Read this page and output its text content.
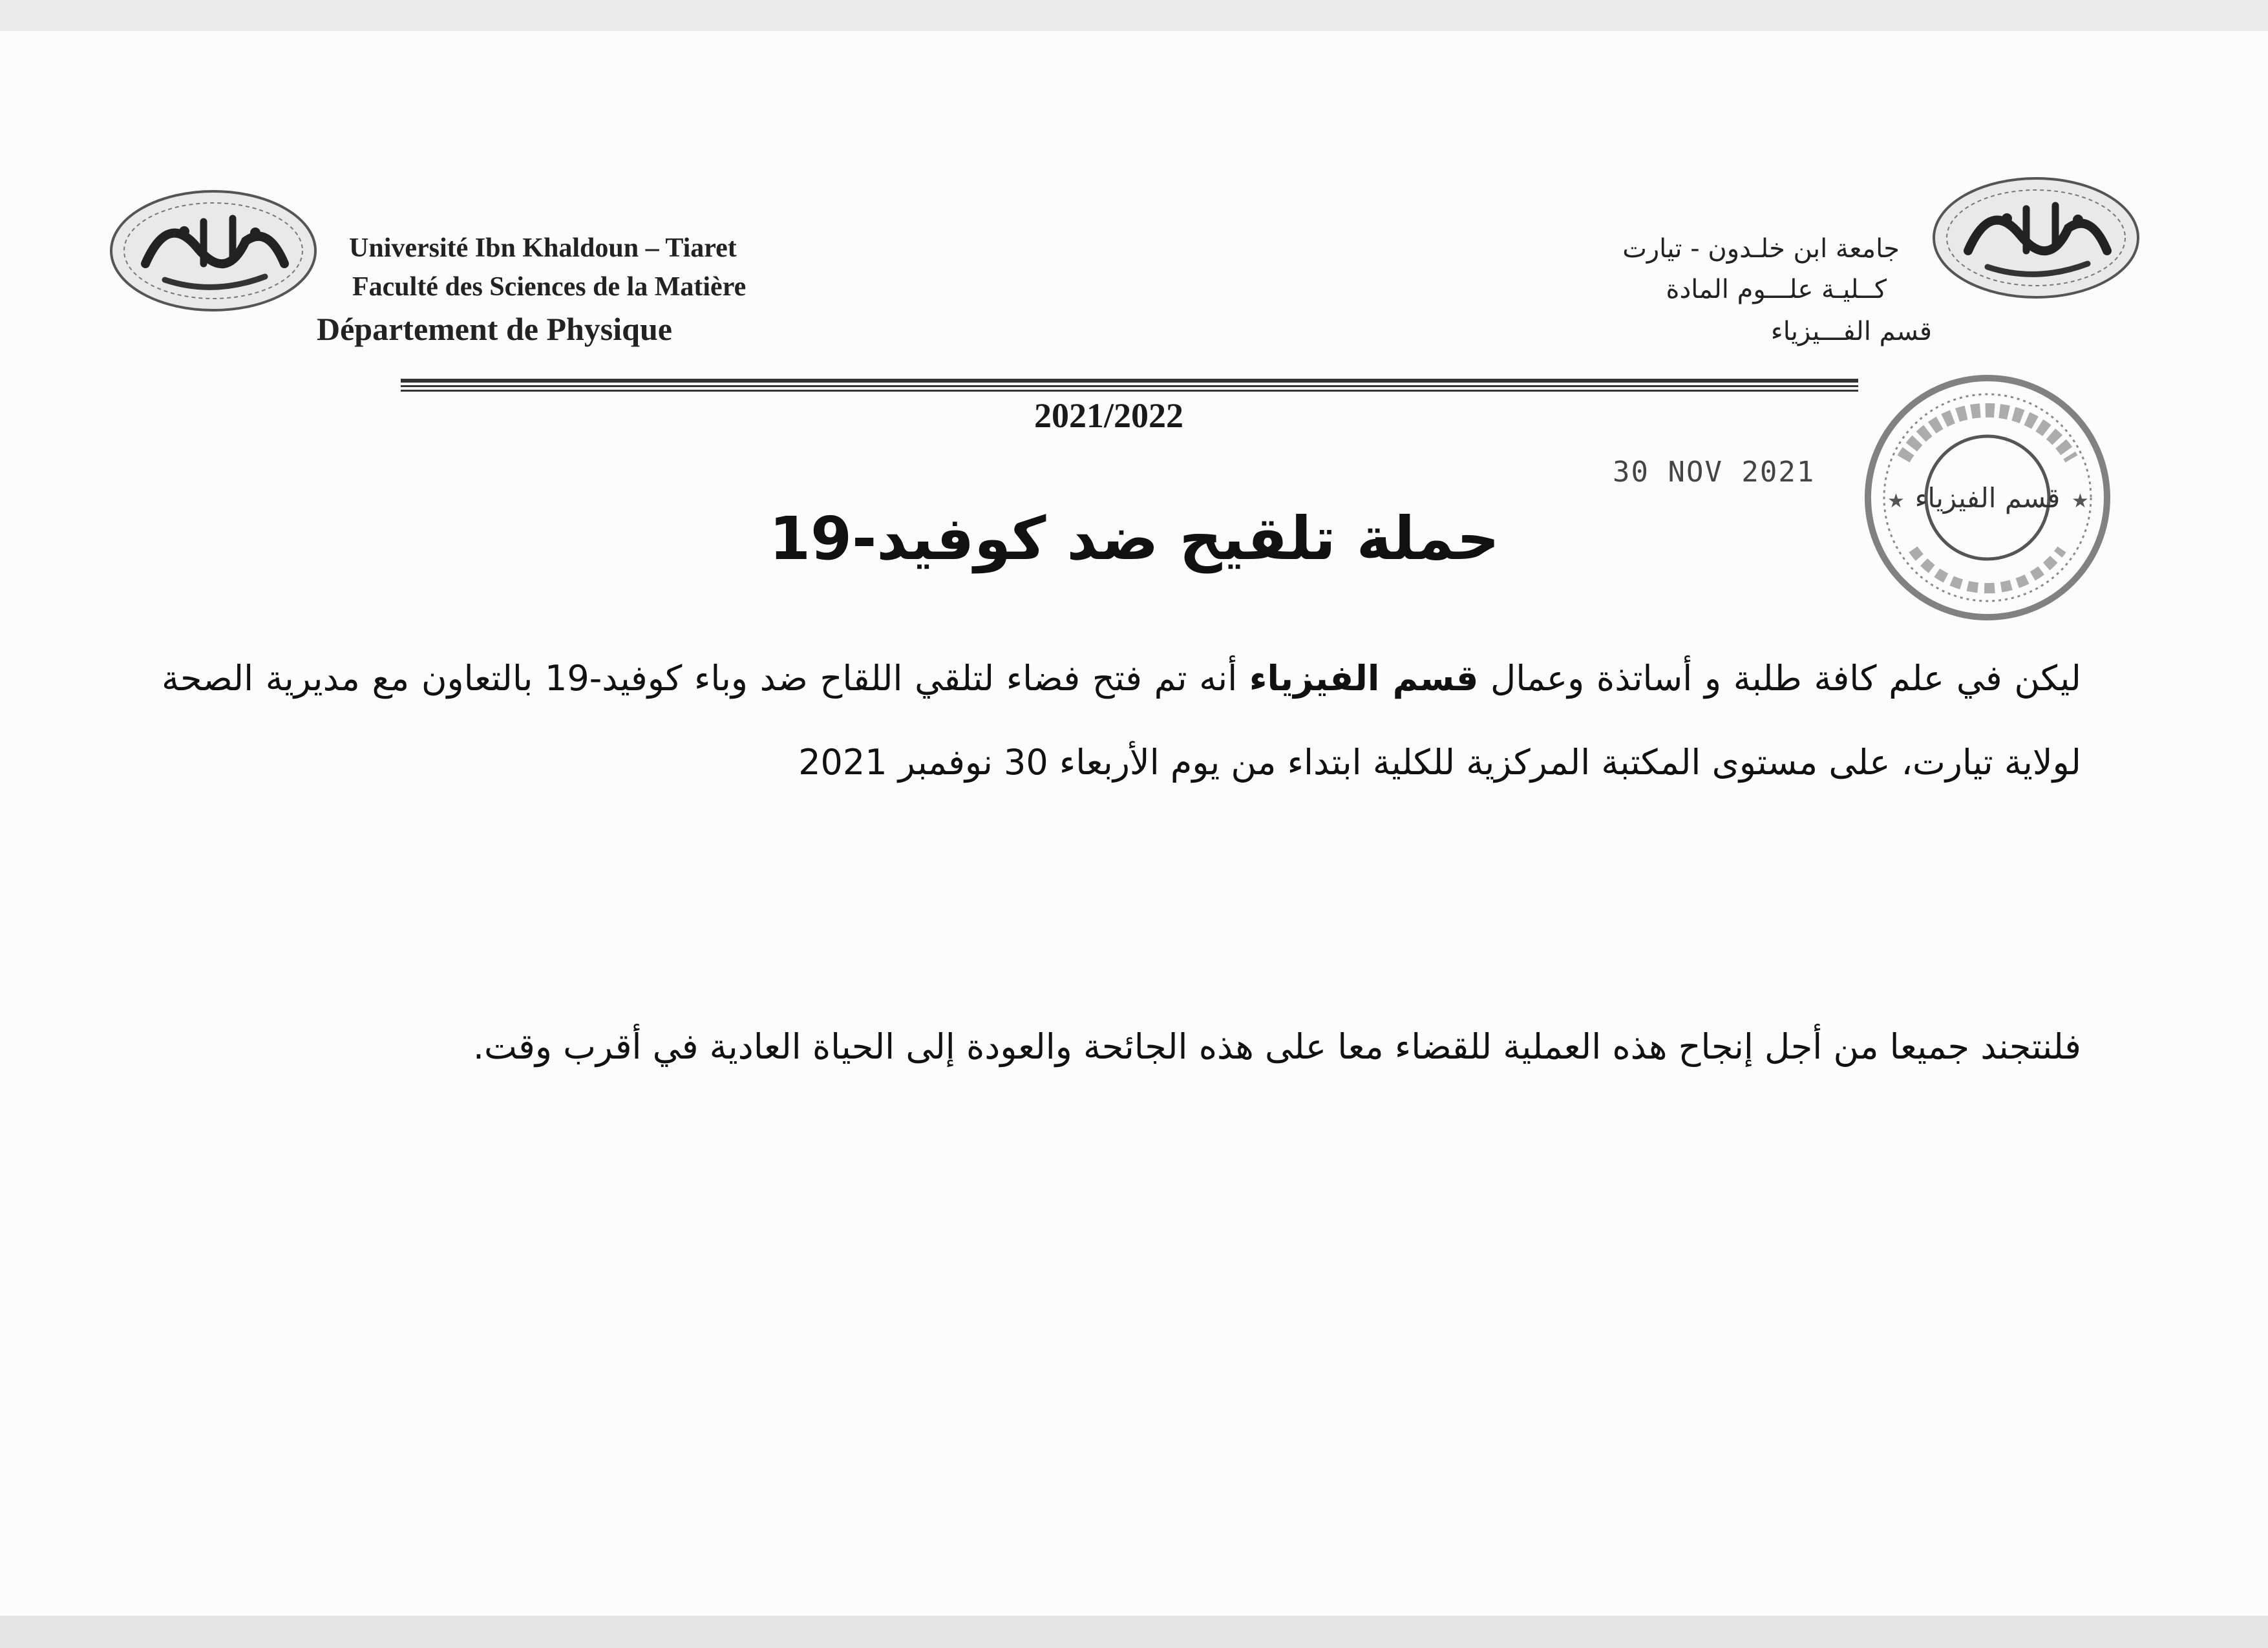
Université Ibn Khaldoun – Tiaret
Faculté des Sciences de la Matière
Département de Physique
جامعة ابن خلـدون - تيارت
كــليـة علـــوم المادة
قسم الفـــيزياء
2021/2022
30 NOV 2021
قسم الفيزياء
★	★
حملة تلقيح ضد كوفيد-19
ليكن في علم كافة طلبة و أساتذة وعمال قسم الفيزياء أنه تم فتح فضاء لتلقي اللقاح ضد وباء كوفيد-19 بالتعاون مع مديرية الصحة لولاية تيارت، على مستوى المكتبة المركزية للكلية ابتداء من يوم الأربعاء 30 نوفمبر 2021
فلنتجند جميعا من أجل إنجاح هذه العملية للقضاء معا على هذه الجائحة والعودة إلى الحياة العادية في أقرب وقت.
